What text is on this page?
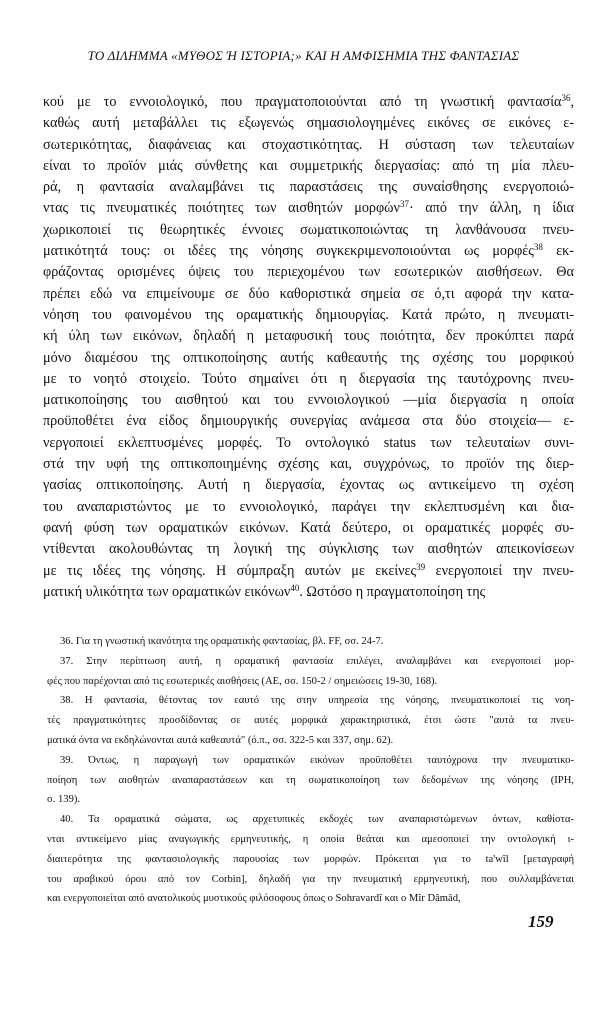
ΤΟ ΔΙΛΗΜΜΑ «ΜΥΘΟΣ Ή ΙΣΤΟΡΙΑ;» ΚΑΙ Η ΑΜΦΙΣΗΜΙΑ ΤΗΣ ΦΑΝΤΑΣΙΑΣ
κού με το εννοιολογικό, που πραγματοποιούνται από τη γνωστική φαντασία$^{36}$,
καθώς αυτή μεταβάλλει τις εξωγενώς σημασιολογημένες εικόνες σε εικόνες ε-
σωτερικότητας, διαφάνειας και στοχαστικότητας. Η σύσταση των τελευταίων
είναι το προϊόν μιάς σύνθετης και συμμετρικής διεργασίας: από τη μία πλευ-
ρά, η φαντασία αναλαμβάνει τις παραστάσεις της συναίσθησης ενεργοποιώ-
ντας τις πνευματικές ποιότητες των αισθητών μορφών$^{37}$· από την άλλη, η ίδια
χωρικοποιεί τις θεωρητικές έννοιες σωματικοποιώντας τη λανθάνουσα πνευ-
ματικότητά τους: οι ιδέες της νόησης συγκεκριμενοποιούνται ως μορφές$^{38}$ εκ-
φράζοντας ορισμένες όψεις του περιεχομένου των εσωτερικών αισθήσεων. Θα
πρέπει εδώ να επιμείνουμε σε δύο καθοριστικά σημεία σε ό,τι αφορά την κατα-
νόηση του φαινομένου της οραματικής δημιουργίας. Κατά πρώτο, η πνευματι-
κή ύλη των εικόνων, δηλαδή η μεταφυσική τους ποιότητα, δεν προκύπτει παρά
μόνο διαμέσου της οπτικοποίησης αυτής καθεαυτής της σχέσης του μορφικού
με το νοητό στοιχείο. Τούτο σημαίνει ότι η διεργασία της ταυτόχρονης πνευ-
ματικοποίησης του αισθητού και του εννοιολογικού —μία διεργασία η οποία
προϋποθέτει ένα είδος δημιουργικής συνεργίας ανάμεσα στα δύο στοιχεία— ε-
νεργοποιεί εκλεπτυσμένες μορφές. Το οντολογικό status των τελευταίων συνι-
στά την υφή της οπτικοποιημένης σχέσης και, συγχρόνως, το προϊόν της διερ-
γασίας οπτικοποίησης. Αυτή η διεργασία, έχοντας ως αντικείμενο τη σχέση
του αναπαριστώντος με το εννοιολογικό, παράγει την εκλεπτυσμένη και δια-
φανή φύση των οραματικών εικόνων. Κατά δεύτερο, οι οραματικές μορφές συ-
ντίθενται ακολουθώντας τη λογική της σύγκλισης των αισθητών απεικονίσεων
με τις ιδέες της νόησης. Η σύμπραξη αυτών με εκείνες$^{39}$ ενεργοποιεί την πνευ-
ματική υλικότητα των οραματικών εικόνων$^{40}$. Ωστόσο η πραγματοποίηση της
36. Για τη γνωστική ικανότητα της οραματικής φαντασίας, βλ. FF, σσ. 24-7.
37. Στην περίπτωση αυτή, η οραματική φαντασία επιλέγει, αναλαμβάνει και ενεργοποιεί μορ-
φές που παρέχονται από τις εσωτερικές αισθήσεις (AE, σσ. 150-2 / σημειώσεις 19-30, 168).
38. Η φαντασία, θέτοντας τον εαυτό της στην υπηρεσία της νόησης, πνευματικοποιεί τις νοη-
τές πραγματικότητες προσδίδοντας σε αυτές μορφικά χαρακτηριστικά, έτσι ώστε "αυτά τα πνευ-
ματικά όντα να εκδηλώνονται αυτά καθεαυτά" (ό.π., σσ. 322-5 και 337, σημ. 62).
39. Όντως, η παραγωγή των οραματικών εικόνων προϋποθέτει ταυτόχρονα την πνευματικο-
ποίηση των αισθητών αναπαραστάσεων και τη σωματικοποίηση των δεδομένων της νόησης (IPH,
σ. 139).
40. Τα οραματικά σώματα, ως αρχετυπικές εκδοχές των αναπαριστώμενων όντων, καθίστα-
νται αντικείμενο μίας αναγωγικής ερμηνευτικής, η οποία θεάται και αμεσοποιεί την οντολογική ι-
διαιτερότητα της φαντασιολογικής παρουσίας των μορφών. Πρόκειται για το ta'wîl [μεταγραφή
του αραβικού όρου από τον Corbin], δηλαδή για την πνευματική ερμηνευτική, που συλλαμβάνεται
και ενεργοποιείται από ανατολικούς μυστικούς φιλόσοφους όπως ο Sohravardî και ο Mîr Dâmâd,
159
